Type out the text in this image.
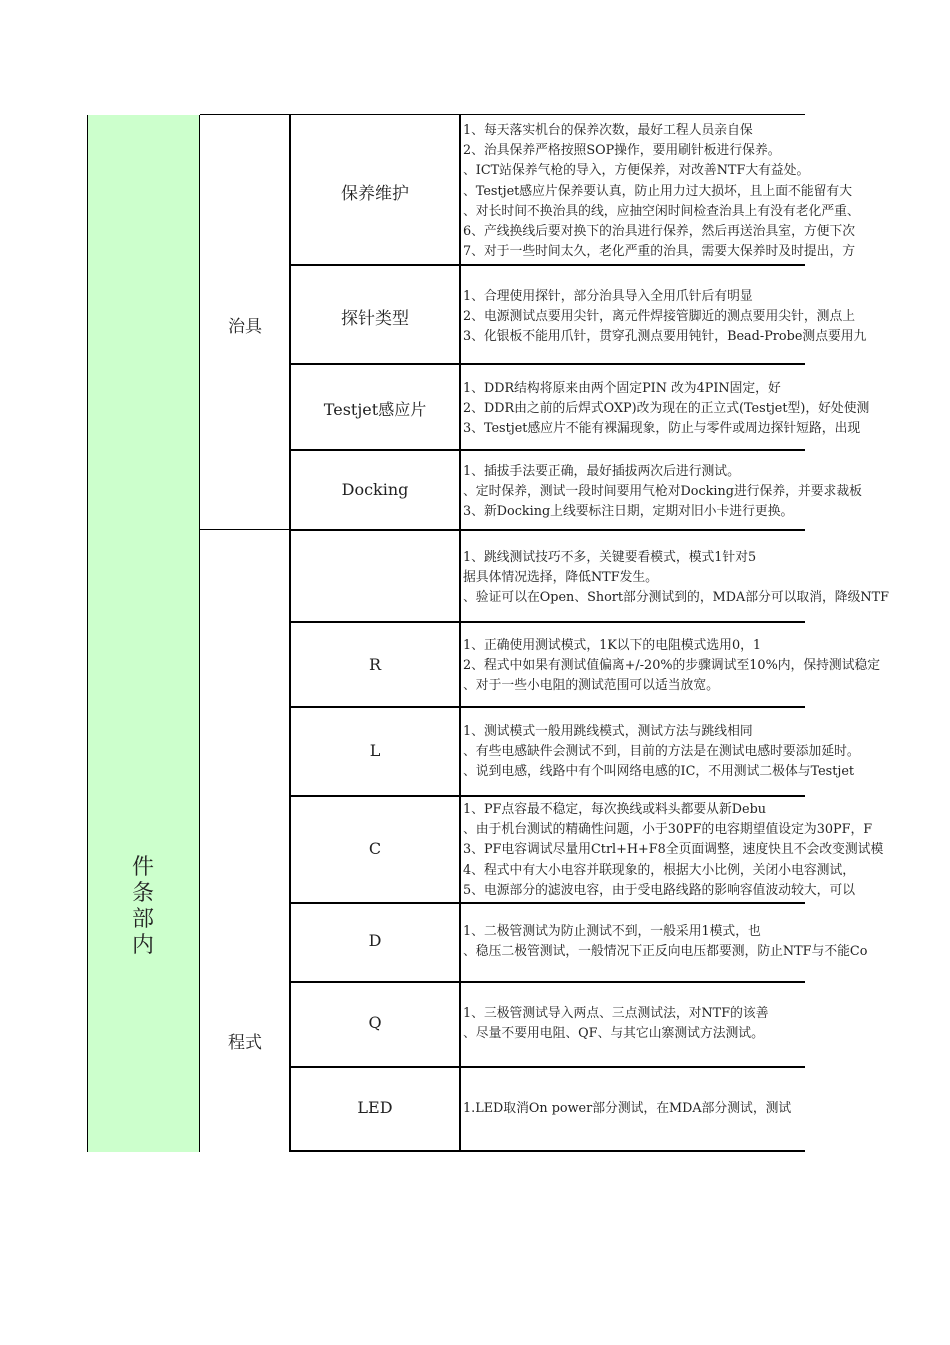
件
条
部
内
治具
程式
保养维护
探针类型
Testjet感应片
Docking
R
L
C
D
Q
LED
1、每天落实机台的保养次数，最好工程人员亲自保
2、治具保养严格按照SOP操作，要用刷针板进行保养。
、ICT站保养气枪的导入，方便保养，对改善NTF大有益处。
、Testjet感应片保养要认真，防止用力过大损坏，且上面不能留有大
、对长时间不换治具的线，应抽空闲时间检查治具上有没有老化严重、
6、产线换线后要对换下的治具进行保养，然后再送治具室，方便下次
7、对于一些时间太久，老化严重的治具，需要大保养时及时提出，方
1、合理使用探针，部分治具导入全用爪针后有明显
2、电源测试点要用尖针，离元件焊接管脚近的测点要用尖针，测点上
3、化银板不能用爪针，贯穿孔测点要用钝针，Bead-Probe测点要用九
1、DDR结构将原来由两个固定PIN 改为4PIN固定，好
2、DDR由之前的后焊式OXP)改为现在的正立式(Testjet型)，好处使测
3、Testjet感应片不能有裸漏现象，防止与零件或周边探针短路，出现
1、插拔手法要正确，最好插拔两次后进行测试。
、定时保养，测试一段时间要用气枪对Docking进行保养，并要求裁板
3、新Docking上线要标注日期，定期对旧小卡进行更换。
1、跳线测试技巧不多，关键要看模式，模式1针对5
据具体情况选择，降低NTF发生。
、验证可以在Open、Short部分测试到的，MDA部分可以取消，降级NTF
1、正确使用测试模式，1K以下的电阻模式选用0，1
2、程式中如果有测试值偏离+/-20%的步骤调试至10%内，保持测试稳定
、对于一些小电阻的测试范围可以适当放宽。
1、测试模式一般用跳线模式，测试方法与跳线相同
、有些电感缺件会测试不到，目前的方法是在测试电感时要添加延时。
、说到电感，线路中有个叫网络电感的IC，不用测试二极体与Testjet
1、PF点容最不稳定，每次换线或料头都要从新Debu
、由于机台测试的精确性问题，小于30PF的电容期望值设定为30PF，F
3、PF电容调试尽量用Ctrl+H+F8全页面调整，速度快且不会改变测试模
4、程式中有大小电容并联现象的，根据大小比例，关闭小电容测试，
5、电源部分的滤波电容，由于受电路线路的影响容值波动较大，可以
1、二极管测试为防止测试不到，一般采用1模式，也
、稳压二极管测试，一般情况下正反向电压都要测，防止NTF与不能Co
1、三极管测试导入两点、三点测试法，对NTF的该善
、尽量不要用电阻、QF、与其它山寨测试方法测试。
1.LED取消On power部分测试，在MDA部分测试，测试
